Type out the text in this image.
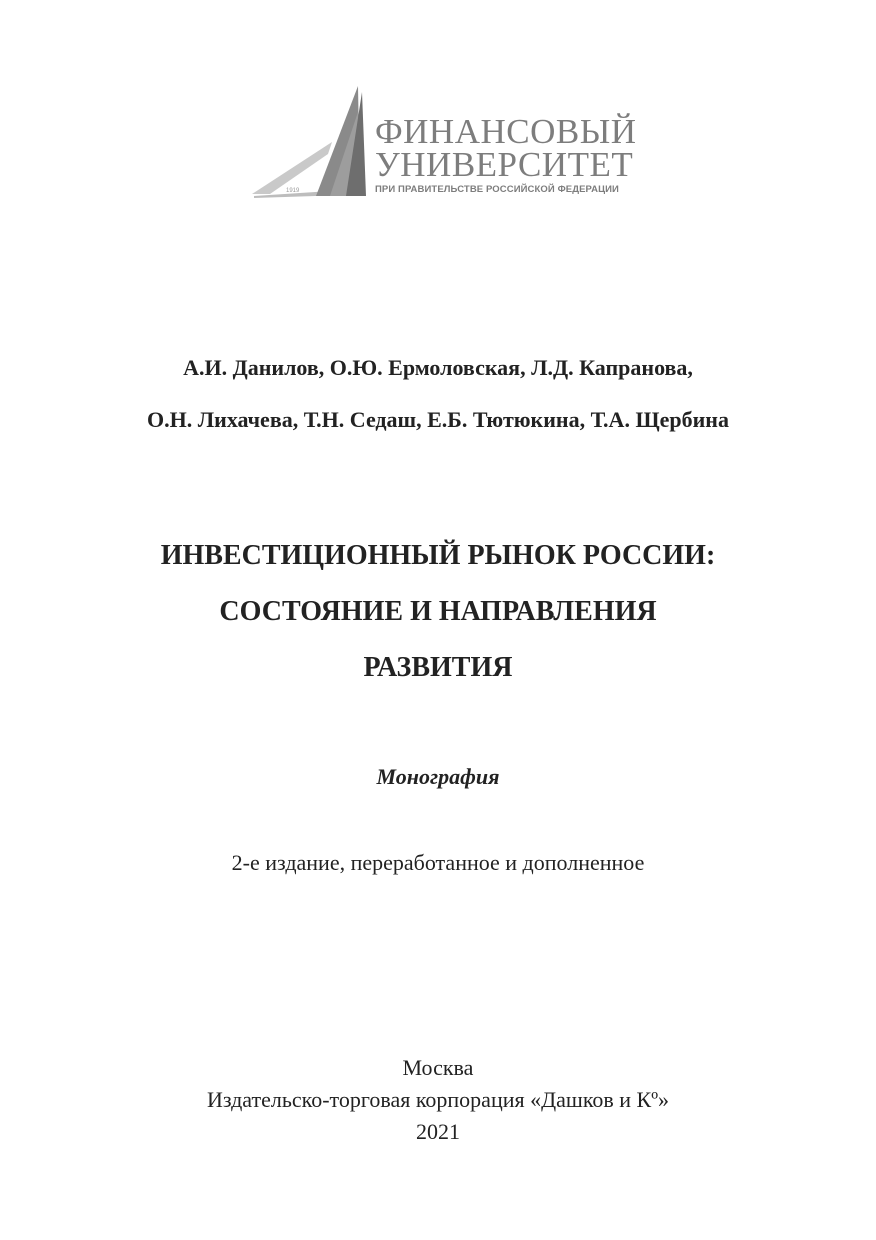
1919
ФИНАНСОВЫЙ
УНИВЕРСИТЕТ
ПРИ ПРАВИТЕЛЬСТВЕ РОССИЙСКОЙ ФЕДЕРАЦИИ

А.И. Данилов, О.Ю. Ермоловская, Л.Д. Капранова,

О.Н. Лихачева, Т.Н. Седаш, Е.Б. Тютюкина, Т.А. Щербина

ИНВЕСТИЦИОННЫЙ РЫНОК РОССИИ:

СОСТОЯНИЕ И НАПРАВЛЕНИЯ

РАЗВИТИЯ

Монография
2-е издание, переработанное и дополненное

Москва

Издательско-торговая корпорация «Дашков и Кº»

2021
